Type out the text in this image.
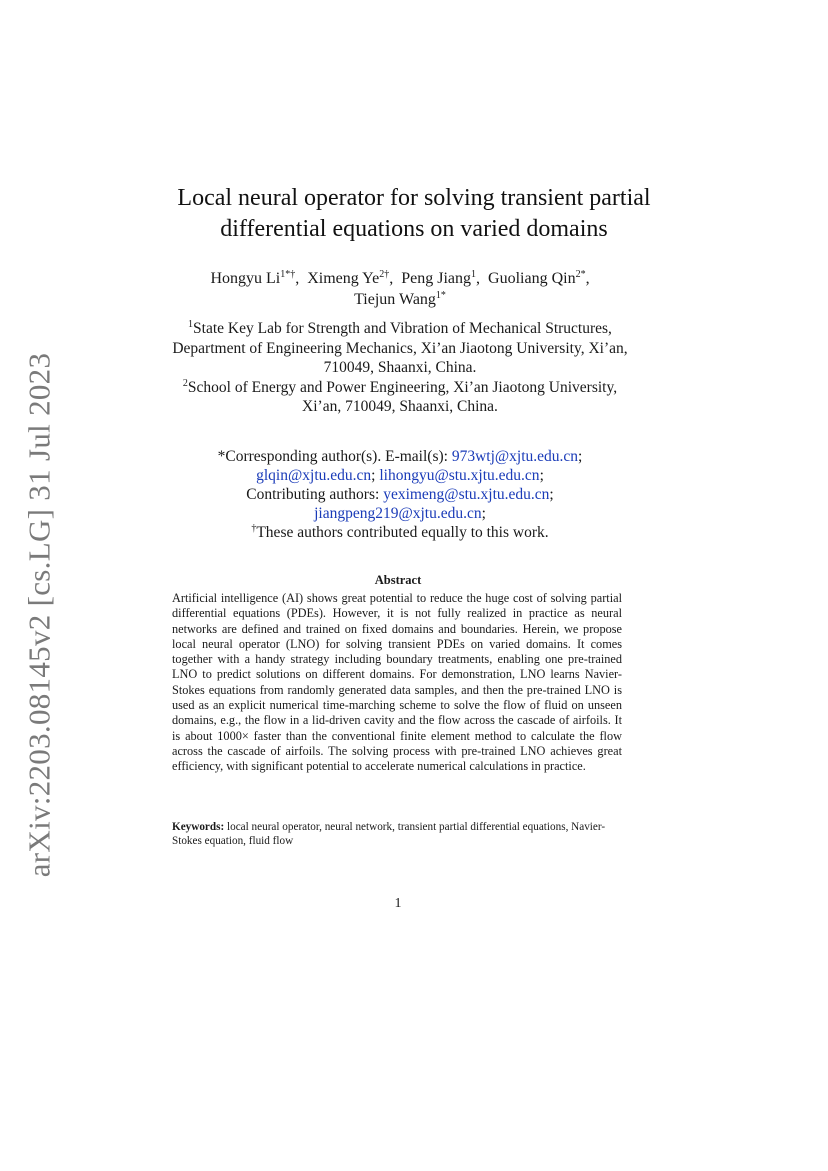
arXiv:2203.08145v2 [cs.LG] 31 Jul 2023
Local neural operator for solving transient partial
differential equations on varied domains
Hongyu $Li^{1*\dagger}$,  Ximeng $Ye^{2\dagger}$,  Peng Jiang$^1$,  Guoliang Qin$^{2*}$,
Tiejun Wang$^{1*}$
$^1$State Key Lab for Strength and Vibration of Mechanical Structures,
Department of Engineering Mechanics, Xi’an Jiaotong University, Xi’an,
710049, Shaanxi, China.
$^2$School of Energy and Power Engineering, Xi’an Jiaotong University,
Xi’an, 710049, Shaanxi, China.
*Corresponding author(s). E-mail(s): 973wtj@xjtu.edu.cn;
glqin@xjtu.edu.cn; lihongyu@stu.xjtu.edu.cn;
Contributing authors: yeximeng@stu.xjtu.edu.cn;
jiangpeng219@xjtu.edu.cn;
†These authors contributed equally to this work.
Abstract
Artificial intelligence (AI) shows great potential to reduce the huge cost of solving partial differential equations (PDEs). However, it is not fully realized in practice as neural networks are defined and trained on fixed domains and boundaries. Herein, we propose local neural operator (LNO) for solving transient PDEs on varied domains. It comes together with a handy strategy including boundary treatments, enabling one pre-trained LNO to predict solutions on different domains. For demonstration, LNO learns Navier-Stokes equations from randomly generated data samples, and then the pre-trained LNO is used as an explicit numerical time-marching scheme to solve the flow of fluid on unseen domains, e.g., the flow in a lid-driven cavity and the flow across the cascade of airfoils. It is about 1000× faster than the conventional finite element method to calculate the flow across the cascade of airfoils. The solving process with pre-trained LNO achieves great efficiency, with significant potential to accelerate numerical calculations in practice.
Keywords: local neural operator, neural network, transient partial differential equations, Navier-Stokes equation, fluid flow
1
